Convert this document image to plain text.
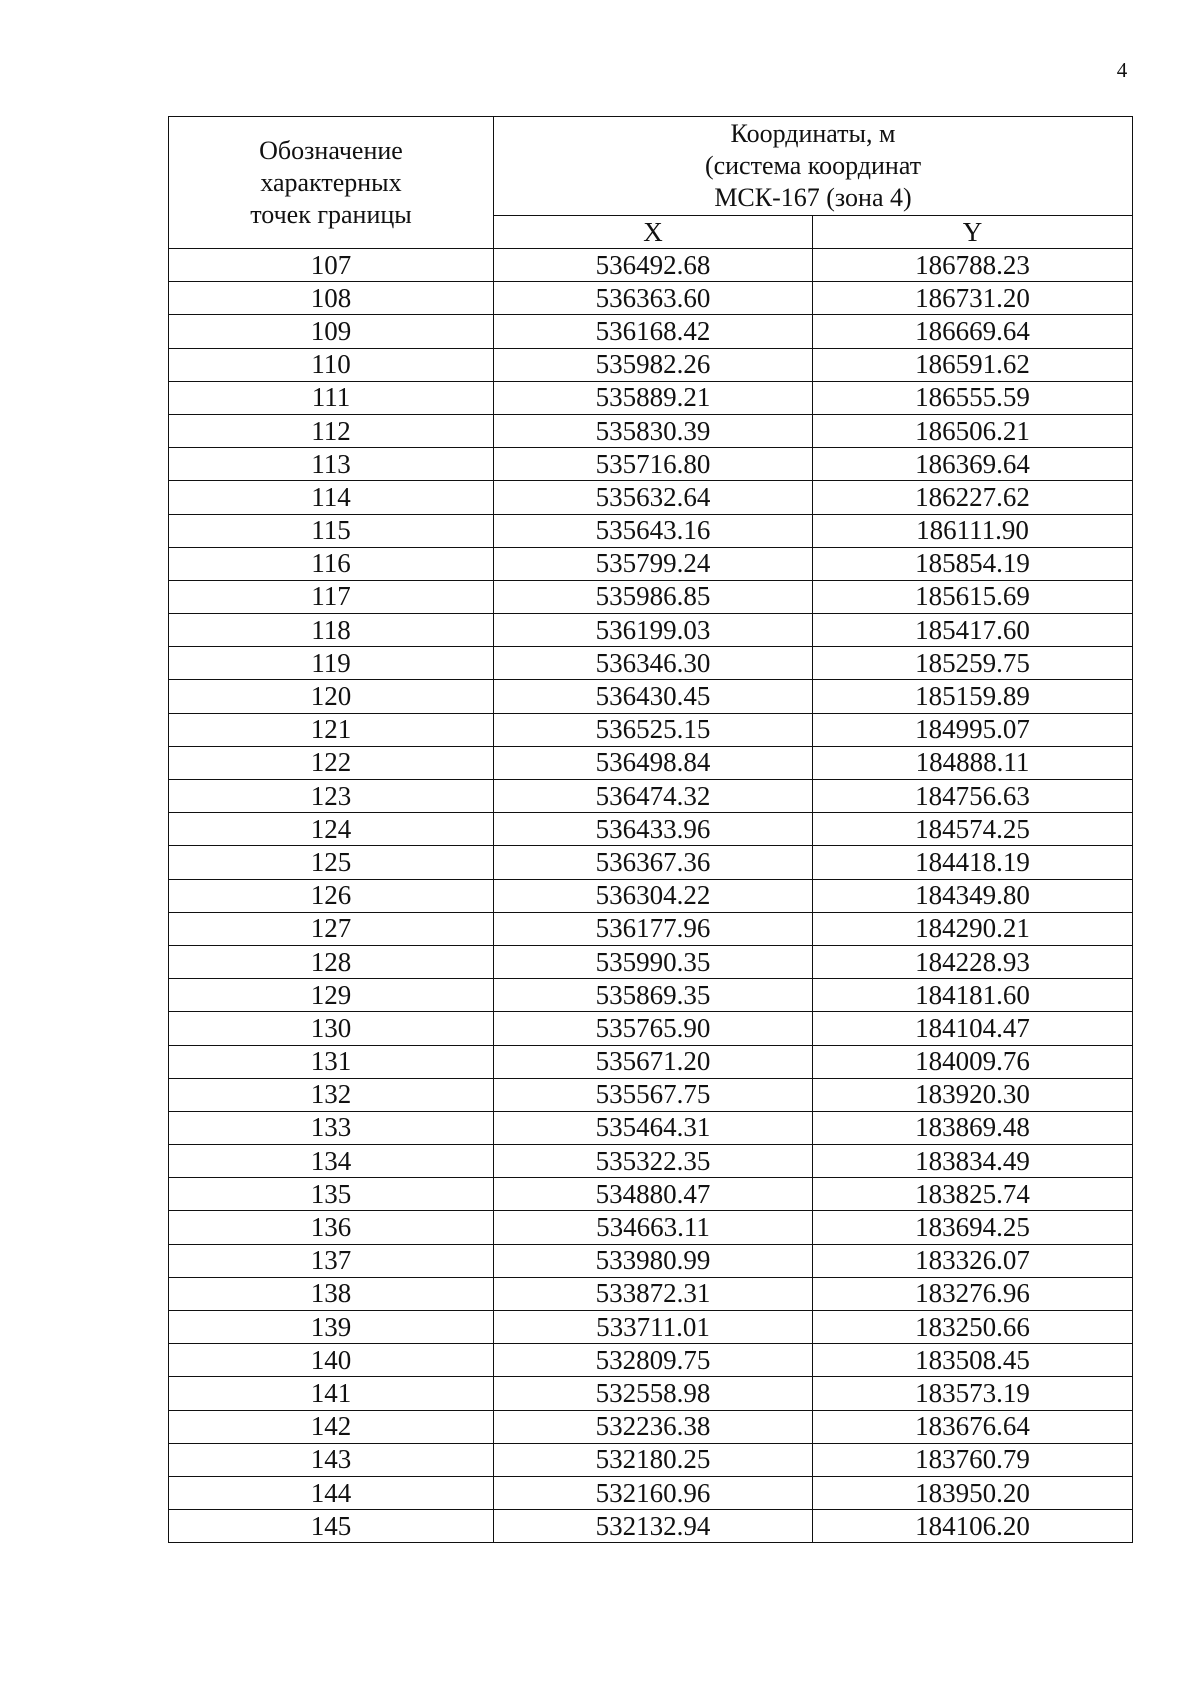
4
Обозначение
характерных
точек границы	Координаты, м
(система координат
МСК-167 (зона 4)	

	X	Y
107	536492.68	186788.23
108	536363.60	186731.20
109	536168.42	186669.64
110	535982.26	186591.62
111	535889.21	186555.59
112	535830.39	186506.21
113	535716.80	186369.64
114	535632.64	186227.62
115	535643.16	186111.90
116	535799.24	185854.19
117	535986.85	185615.69
118	536199.03	185417.60
119	536346.30	185259.75
120	536430.45	185159.89
121	536525.15	184995.07
122	536498.84	184888.11
123	536474.32	184756.63
124	536433.96	184574.25
125	536367.36	184418.19
126	536304.22	184349.80
127	536177.96	184290.21
128	535990.35	184228.93
129	535869.35	184181.60
130	535765.90	184104.47
131	535671.20	184009.76
132	535567.75	183920.30
133	535464.31	183869.48
134	535322.35	183834.49
135	534880.47	183825.74
136	534663.11	183694.25
137	533980.99	183326.07
138	533872.31	183276.96
139	533711.01	183250.66
140	532809.75	183508.45
141	532558.98	183573.19
142	532236.38	183676.64
143	532180.25	183760.79
144	532160.96	183950.20
145	532132.94	184106.20
